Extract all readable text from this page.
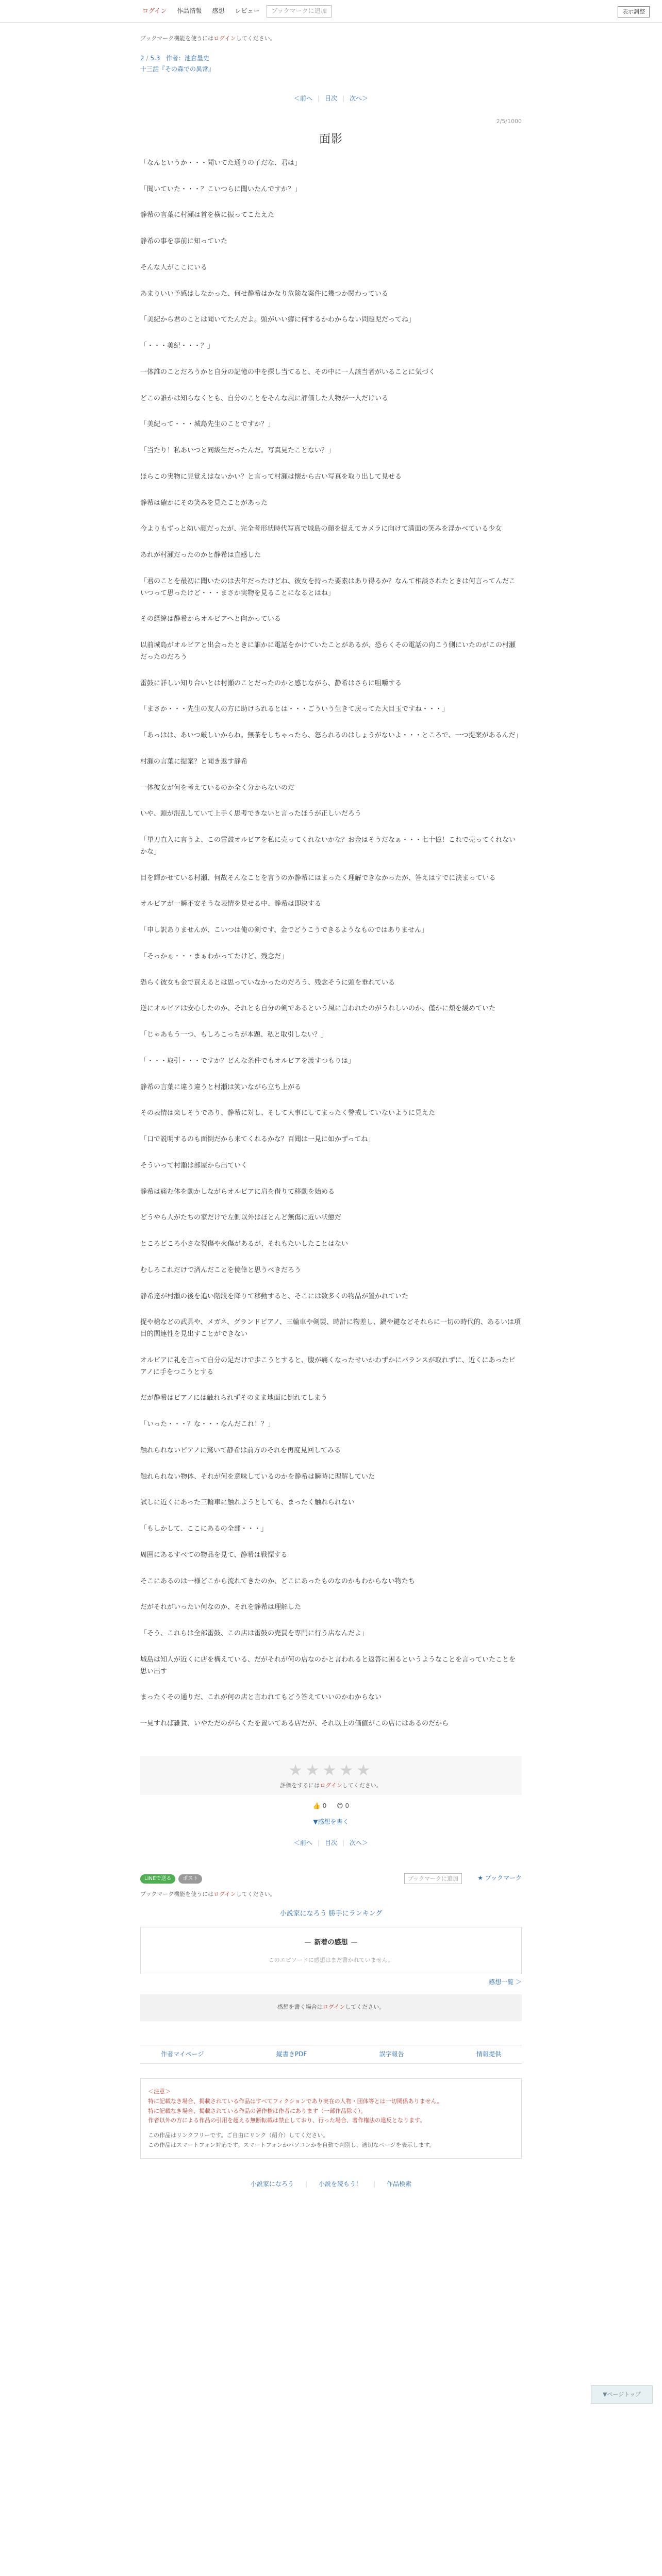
ログイン	作品情報	感想	レビュー	ブックマークに追加	表示調整
ブックマーク機能を使うにはログインしてください。
2 / 5.3 作者：池倉塁史
十三話『その森での異常』
＜前へ | 目次 | 次へ＞
2/5/1000
面影

「なんというか・・・聞いてた通りの子だな、君は」

「聞いていた・・・？こいつらに聞いたんですか？」

静希の言葉に村瀬は首を横に振ってこたえた

静希の事を事前に知っていた

そんな人がここにいる

あまりいい予感はしなかった、何せ静希はかなり危険な案件に幾つか関わっている

「美紀から君のことは聞いてたんだよ。頭がいい癖に何するかわからない問題児だってね」

「・・・美紀・・・？」

一体誰のことだろうかと自分の記憶の中を探し当てると、その中に一人該当者がいることに気づく

どこの誰かは知らなくとも、自分のことをそんな風に評価した人物が一人だけいる

「美紀って・・・城島先生のことですか？」

「当たり！私あいつと同級生だったんだ。写真見たことない？」

ほらこの実物に見覚えはないかい？と言って村瀬は懐から古い写真を取り出して見せる

静希は確かにその笑みを見たことがあった

今よりもずっと幼い顔だったが、完全者形状時代写真で城島の顔を捉えてカメラに向けて満面の笑みを浮かべている少女

あれが村瀬だったのかと静希は直感した

「君のことを最初に聞いたのは去年だったけどね、彼女を持った要素はあり得るか？なんて相談されたときは何言ってんだこいつって思ったけど・・・まさか実物を見ることになるとはね」

その経緯は静希からオルビアへと向かっている

以前城島がオルビアと出会ったときに誰かに電話をかけていたことがあるが、恐らくその電話の向こう側にいたのがこの村瀬だったのだろう

雷鼓に詳しい知り合いとは村瀬のことだったのかと感じながら、静希はさらに咀嚼する

「まさか・・・先生の友人の方に助けられるとは・・・ごういう生きて戻ってた大目玉ですね・・・」

「あっはは、あいつ厳しいからね。無茶をしちゃったら、怒られるのはしょうがないよ・・・ところで、一つ提案があるんだ」

村瀬の言葉に提案？と聞き返す静希

一体彼女が何を考えているのか全く分からないのだ

いや、頭が混乱していて上手く思考できないと言ったほうが正しいだろう

「単刀直入に言うよ、この雷鼓オルビアを私に売ってくれないかな？お金はそうだなぁ・・・七十億！これで売ってくれないかな」

目を輝かせている村瀬、何故そんなことを言うのか静希にはまったく理解できなかったが、答えはすでに決まっている

オルビアが一瞬不安そうな表情を見せる中、静希は即決する

「申し訳ありませんが、こいつは俺の剣です、金でどうこうできるようなものではありません」

「そっかぁ・・・まぁわかってたけど、残念だ」

恐らく彼女も金で買えるとは思っていなかったのだろう、残念そうに頭を垂れている

逆にオルビアは安心したのか、それとも自分の剣であるという風に言われたのがうれしいのか、僅かに頬を緩めていた

「じゃあもう一つ、もしろこっちが本題、私と取引しない？」

「・・・取引・・・ですか？どんな条件でもオルビアを渡すつもりは」

静希の言葉に違う違うと村瀬は笑いながら立ち上がる

その表情は楽しそうであり、静希に対し、そして大事にしてまったく警戒していないように見えた

「口で説明するのも面倒だから来てくれるかな？百聞は一見に如かずってね」

そういって村瀬は部屋から出ていく

静希は痛む体を動かしながらオルビアに肩を借りて移動を始める

どうやら人がたちの家だけで左側以外はほとんど無傷に近い状態だ

ところどころ小さな裂傷や火傷があるが、それもたいしたことはない

むしろこれだけで済んだことを僥倖と思うべきだろう

静希達が村瀬の後を追い階段を降りて移動すると、そこには数多くの物品が置かれていた

捉や槍などの武具や、メガネ、グランドピアノ、三輪車や剣製、時計に物差し、鍋や鍵などそれらに一切の時代的、あるいは項目的関連性を見出すことができない

オルビアに礼を言って自分の足だけで歩こうとすると、腹が痛くなったせいかわずかにバランスが取れずに、近くにあったピアノに手をつこうとする

だが静希はピアノには触れられずそのまま地面に倒れてしまう

「いった・・・？な・・・なんだこれ！？」

触れられないピアノに驚いて静希は前方のそれを再度見回してみる

触れられない物体、それが何を意味しているのかを静希は瞬時に理解していた

試しに近くにあった三輪車に触れようとしても、まったく触れられない

「もしかして、ここにあるの全部・・・」

周囲にあるすべての物品を見て、静希は戦慄する

そこにあるのは一様どこから流れてきたのか、どこにあったものなのかもわからない物たち

だがそれがいったい何なのか、それを静希は理解した

「そう、これらは全部雷鼓、この店は雷鼓の売買を専門に行う店なんだよ」

城島は知人が近くに店を構えている、だがそれが何の店なのかと言われると返答に困るというようなことを言っていたことを思い出す

まったくその通りだ、これが何の店と言われてもどう答えていいのかわからない

一見すれば雑貨、いやただのがらくたを置いてある店だが、それ以上の価値がこの店にはあるのだから

★★★★★
評価をするにはログインしてください。
👍 0 😊 0
▼感想を書く
＜前へ | 目次 | 次へ＞
LINEで送る	ポスト	ブックマークに追加	★ ブックマーク
ブックマーク機能を使うにはログインしてください。
小説家になろう 勝手にランキング
— 新着の感想 —
このエピソードに感想はまだ書かれていません。
感想一覧 ＞
感想を書く場合はログインしてください。
作者マイページ	縦書きPDF	誤字報告	情報提供
＜注意＞
特に記載なき場合、掲載されている作品はすべてフィクションであり実在の人物・団体等とは一切関係ありません。
特に記載なき場合、掲載されている作品の著作権は作者にあります（一部作品除く）。
作者以外の方による作品の引用を超える無断転載は禁止しており、行った場合、著作権法の違反となります。
この作品はリンクフリーです。ご自由にリンク（紹介）してください。
この作品はスマートフォン対応です。スマートフォンかパソコンかを自動で判別し、適切なページを表示します。
小説家になろう | 小説を読もう！ | 作品検索
▼ページトップ
